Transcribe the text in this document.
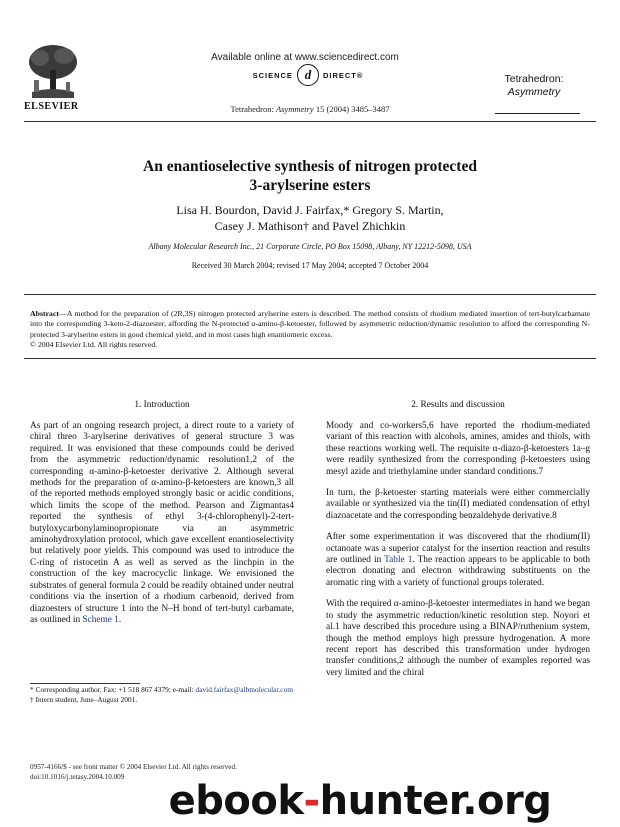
Available online at www.sciencedirect.com
SCIENCE d	DIRECT®
Tetrahedron: Asymmetry 15 (2004) 3485–3487
Tetrahedron:
Asymmetry
ELSEVIER
An enantioselective synthesis of nitrogen protected
3-arylserine esters
Lisa H. Bourdon, David J. Fairfax,* Gregory S. Martin,
Casey J. Mathison† and Pavel Zhichkin
Albany Molecular Research Inc., 21 Corporate Circle, PO Box 15098, Albany, NY 12212-5098, USA
Received 30 March 2004; revised 17 May 2004; accepted 7 October 2004
Abstract—A method for the preparation of (2R,3S) nitrogen protected arylserine esters is described. The method consists of rhodium mediated insertion of tert-butylcarbamate into the corresponding 3-keto-2-diazoester, affording the N-protected α-amino-β-ketoester, followed by asymmetric reduction/dynamic resolution to afford the corresponding N-protected 3-arylserine esters in good chemical yield, and in most cases high enantiomeric excess.
© 2004 Elsevier Ltd. All rights reserved.

1. Introduction

As part of an ongoing research project, a direct route to a variety of chiral threo 3-arylserine derivatives of general structure 3 was required. It was envisioned that these compounds could be derived from the asymmetric reduction/dynamic resolution1,2 of the corresponding α-amino-β-ketoester derivative 2. Although several methods for the preparation of α-amino-β-ketoesters are known,3 all of the reported methods employed strongly basic or acidic conditions, which limits the scope of the method. Pearson and Zigmantas4 reported the synthesis of ethyl 3-(4-chlorophenyl)-2-tert-butyloxycarbonylaminopropionate via an asymmetric aminohydroxylation protocol, which gave excellent enantioselectivity but relatively poor yields. This compound was used to introduce the C-ring of ristocetin A as well as served as the linchpin in the construction of the key macrocyclic linkage. We envisioned the substrates of general formula 2 could be readily obtained under neutral conditions via the insertion of a rhodium carbenoid, derived from diazoesters of structure 1 into the N–H bond of tert-butyl carbamate, as outlined in Scheme 1.

* Corresponding author. Fax: +1 518 867 4379; e-mail: david.fairfax@albmolecular.com
† Intern student, June–August 2001.

2. Results and discussion

Moody and co-workers5,6 have reported the rhodium-mediated variant of this reaction with alcohols, amines, amides and thiols, with these reactions working well. The requisite α-diazo-β-ketoesters 1a–g were readily synthesized from the corresponding β-ketoesters using mesyl azide and triethylamine under standard conditions.7

In turn, the β-ketoester starting materials were either commercially available or synthesized via the tin(II) mediated condensation of ethyl diazoacetate and the corresponding benzaldehyde derivative.8

After some experimentation it was discovered that the rhodium(II) octanoate was a superior catalyst for the insertion reaction and results are outlined in Table 1. The reaction appears to be applicable to both electron donating and electron withdrawing substituents on the aromatic ring with a variety of functional groups tolerated.

With the required α-amino-β-ketoester intermediates in hand we began to study the asymmetric reduction/kinetic resolution step. Noyori et al.1 have described this procedure using a BINAP/ruthenium system, though the method employs high pressure hydrogenation. A more recent report has described this transformation under hydrogen transfer conditions,2 although the number of examples reported was very limited and the chiral

0957-4166/$ - see front matter © 2004 Elsevier Ltd. All rights reserved.
doi:10.1016/j.tetasy.2004.10.009
ebook-hunter.org
